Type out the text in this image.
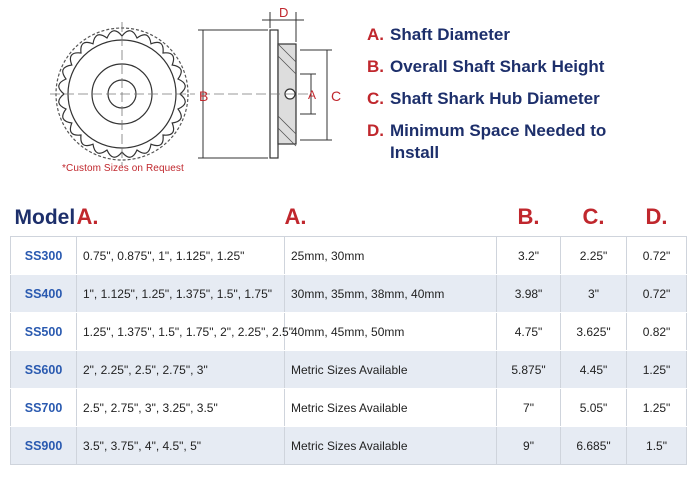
B	A C
D
*Custom Sizes on Request
A. Shaft Diameter
B. Overall Shaft Shark Height
C. Shaft Shark Hub Diameter
D. Minimum Space Needed to Install
Model	A.	A.	B.	C.	D.
SS300	0.75", 0.875", 1", 1.125", 1.25"	25mm, 30mm	3.2"	2.25"	0.72"
SS400	1", 1.125", 1.25", 1.375", 1.5", 1.75"	30mm, 35mm, 38mm, 40mm	3.98"	3"	0.72"
SS500	1.25", 1.375", 1.5", 1.75", 2", 2.25", 2.5"	40mm, 45mm, 50mm	4.75"	3.625"	0.82"
SS600	2", 2.25", 2.5", 2.75", 3"	Metric Sizes Available	5.875"	4.45"	1.25"
SS700	2.5", 2.75", 3", 3.25", 3.5"	Metric Sizes Available	7"	5.05"	1.25"
SS900	3.5", 3.75", 4", 4.5", 5"	Metric Sizes Available	9"	6.685"	1.5"
